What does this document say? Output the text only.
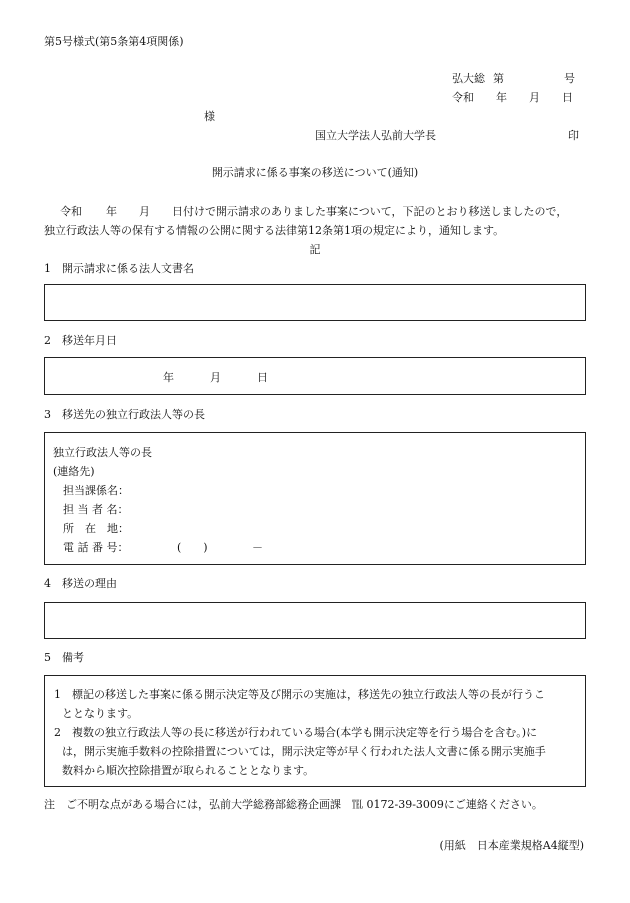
第5号様式(第5条第4項関係)
弘大総 第	号
令和 年 月 日
様
国立大学法人弘前大学長	印
開示請求に係る事案の移送について(通知)
令和 年 月 日付けで開示請求のありました事案について，下記のとおり移送しましたので，
独立行政法人等の保有する情報の公開に関する法律第12条第1項の規定により，通知します。
記
1　開示請求に係る法人文書名
2　移送年月日
年	月	日
3　移送先の独立行政法人等の長
独立行政法人等の長
(連絡先)
担当課係名：
担 当 者 名：
所　在　地：
電 話 番 号：	(　　)	－
4　移送の理由
5　備考
1　標記の移送した事案に係る開示決定等及び開示の実施は，移送先の独立行政法人等の長が行うこ
ととなります。
2　複数の独立行政法人等の長に移送が行われている場合(本学も開示決定等を行う場合を含む。)に
は，開示実施手数料の控除措置については，開示決定等が早く行われた法人文書に係る開示実施手
数料から順次控除措置が取られることとなります。
注　ご不明な点がある場合には，弘前大学総務部総務企画課　℡ 0172-39-3009にご連絡ください。
(用紙　日本産業規格A4縦型)
